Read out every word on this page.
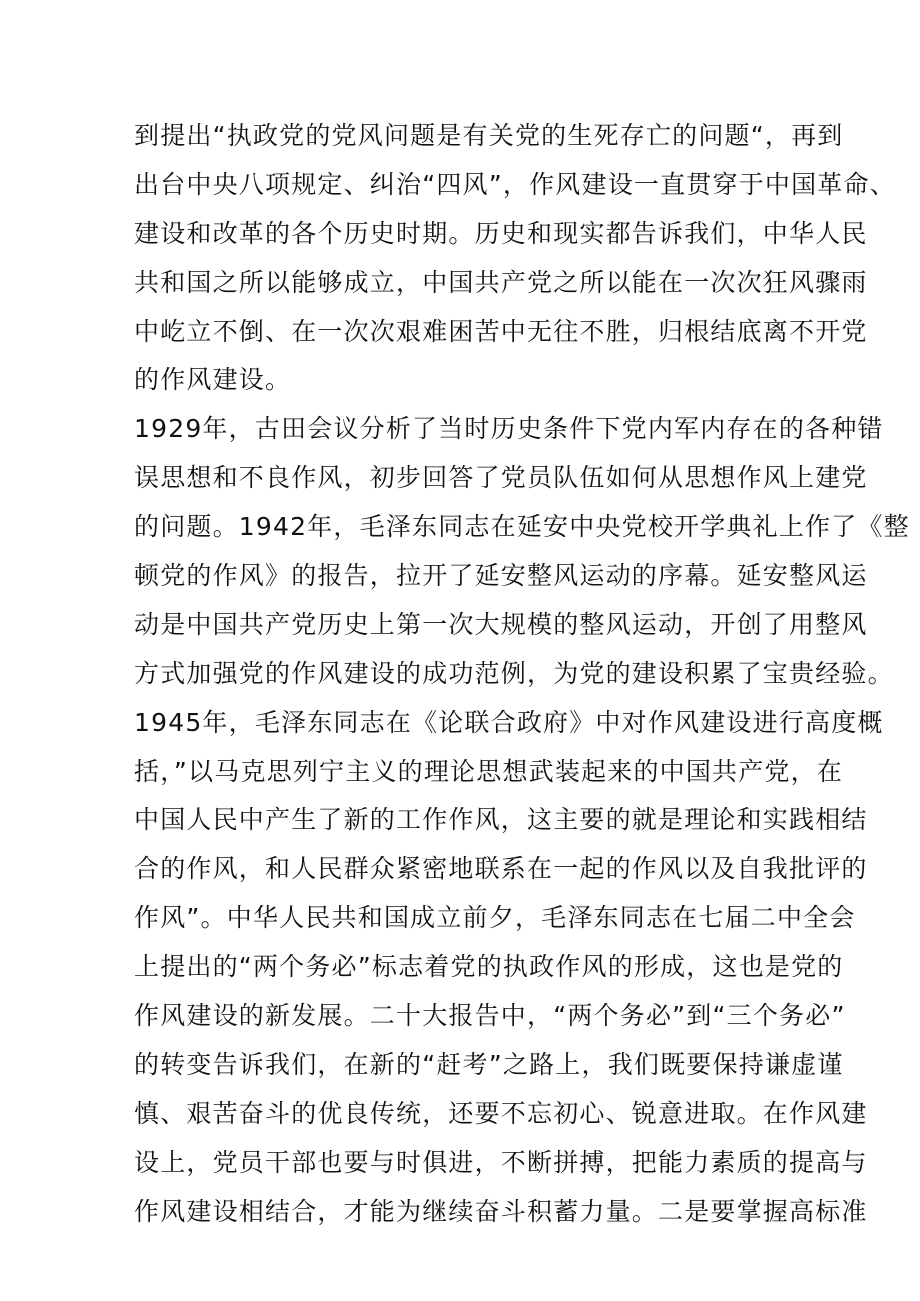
到提出“执政党的党风问题是有关党的生死存亡的问题“，再到
出台中央八项规定、纠治“四风”，作风建设一直贯穿于中国革命、
建设和改革的各个历史时期。历史和现实都告诉我们，中华人民
共和国之所以能够成立，中国共产党之所以能在一次次狂风骤雨
中屹立不倒、在一次次艰难困苦中无往不胜，归根结底离不开党
的作风建设。
1929年，古田会议分析了当时历史条件下党内军内存在的各种错
误思想和不良作风，初步回答了党员队伍如何从思想作风上建党
的问题。1942年，毛泽东同志在延安中央党校开学典礼上作了《整
顿党的作风》的报告，拉开了延安整风运动的序幕。延安整风运
动是中国共产党历史上第一次大规模的整风运动，开创了用整风
方式加强党的作风建设的成功范例，为党的建设积累了宝贵经验。
1945年，毛泽东同志在《论联合政府》中对作风建设进行高度概
括，”以马克思列宁主义的理论思想武装起来的中国共产党，在
中国人民中产生了新的工作作风，这主要的就是理论和实践相结
合的作风，和人民群众紧密地联系在一起的作风以及自我批评的
作风”。中华人民共和国成立前夕，毛泽东同志在七届二中全会
上提出的“两个务必”标志着党的执政作风的形成，这也是党的
作风建设的新发展。二十大报告中，“两个务必”到“三个务必”
的转变告诉我们，在新的“赶考”之路上，我们既要保持谦虚谨
慎、艰苦奋斗的优良传统，还要不忘初心、锐意进取。在作风建
设上，党员干部也要与时俱进，不断拼搏，把能力素质的提高与
作风建设相结合，才能为继续奋斗积蓄力量。二是要掌握高标准
